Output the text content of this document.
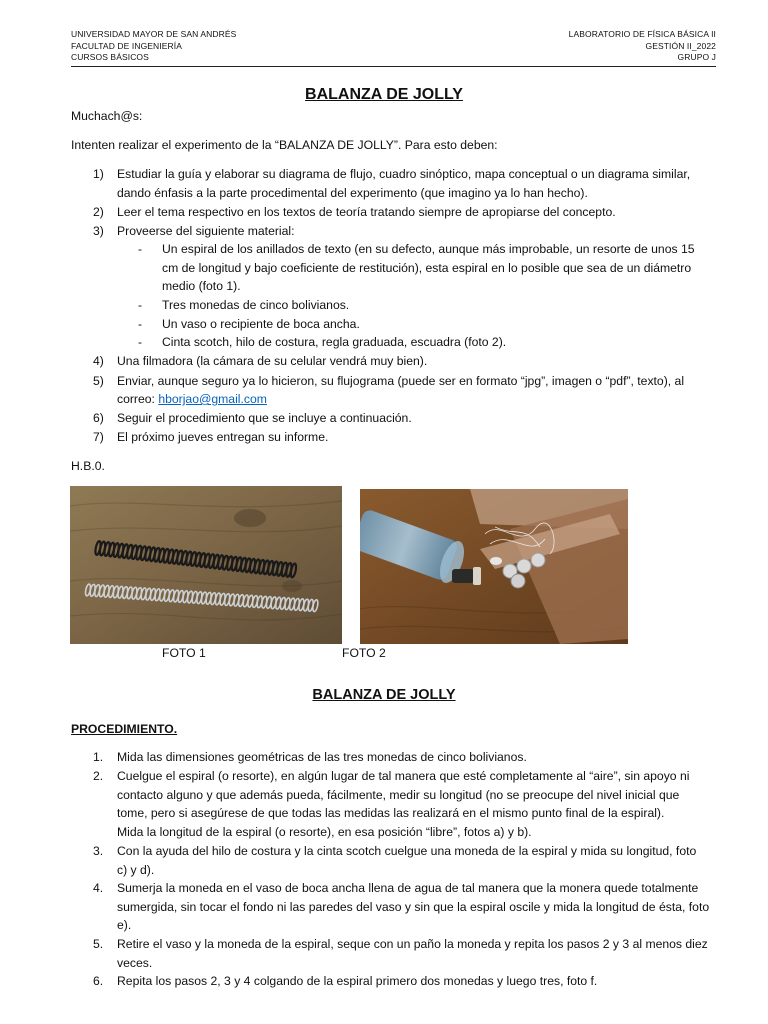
UNIVERSIDAD MAYOR DE SAN ANDRÉS
FACULTAD DE INGENIERÍA
CURSOS BÁSICOS
LABORATORIO DE FÍSICA BÁSICA II
GESTIÓN II_2022
GRUPO J
BALANZA DE JOLLY
Muchach@s:
Intenten realizar el experimento de la “BALANZA DE JOLLY”. Para esto deben:
1) Estudiar la guía y elaborar su diagrama de flujo, cuadro sinóptico, mapa conceptual o un diagrama similar,
dando énfasis a la parte procedimental del experimento (que imagino ya lo han hecho).
2) Leer el tema respectivo en los textos de teoría tratando siempre de apropiarse del concepto.
3) Proveerse del siguiente material:
- Un espiral de los anillados de texto (en su defecto, aunque más improbable, un resorte de unos 15
cm de longitud y bajo coeficiente de restitución), esta espiral en lo posible que sea de un diámetro
medio (foto 1).
- Tres monedas de cinco bolivianos.
- Un vaso o recipiente de boca ancha.
- Cinta scotch, hilo de costura, regla graduada, escuadra (foto 2).
4) Una filmadora (la cámara de su celular vendrá muy bien).
5) Enviar, aunque seguro ya lo hicieron, su flujograma (puede ser en formato “jpg”, imagen o “pdf”, texto), al
correo: hborjao@gmail.com
6) Seguir el procedimiento que se incluye a continuación.
7) El próximo jueves entregan su informe.
H.B.0.
FOTO 1	FOTO 2
BALANZA DE JOLLY
PROCEDIMIENTO.
1. Mida las dimensiones geométricas de las tres monedas de cinco bolivianos.
2. Cuelgue el espiral (o resorte), en algún lugar de tal manera que esté completamente al “aire”, sin apoyo ni
contacto alguno y que además pueda, fácilmente, medir su longitud (no se preocupe del nivel inicial que
tome, pero si asegúrese de que todas las medidas las realizará en el mismo punto final de la espiral).
Mida la longitud de la espiral (o resorte), en esa posición “libre”, fotos a) y b).
3. Con la ayuda del hilo de costura y la cinta scotch cuelgue una moneda de la espiral y mida su longitud, foto
c) y d).
4. Sumerja la moneda en el vaso de boca ancha llena de agua de tal manera que la monera quede totalmente
sumergida, sin tocar el fondo ni las paredes del vaso y sin que la espiral oscile y mida la longitud de ésta, foto
e).
5. Retire el vaso y la moneda de la espiral, seque con un paño la moneda y repita los pasos 2 y 3 al menos diez
veces.
6. Repita los pasos 2, 3 y 4 colgando de la espiral primero dos monedas y luego tres, foto f.
